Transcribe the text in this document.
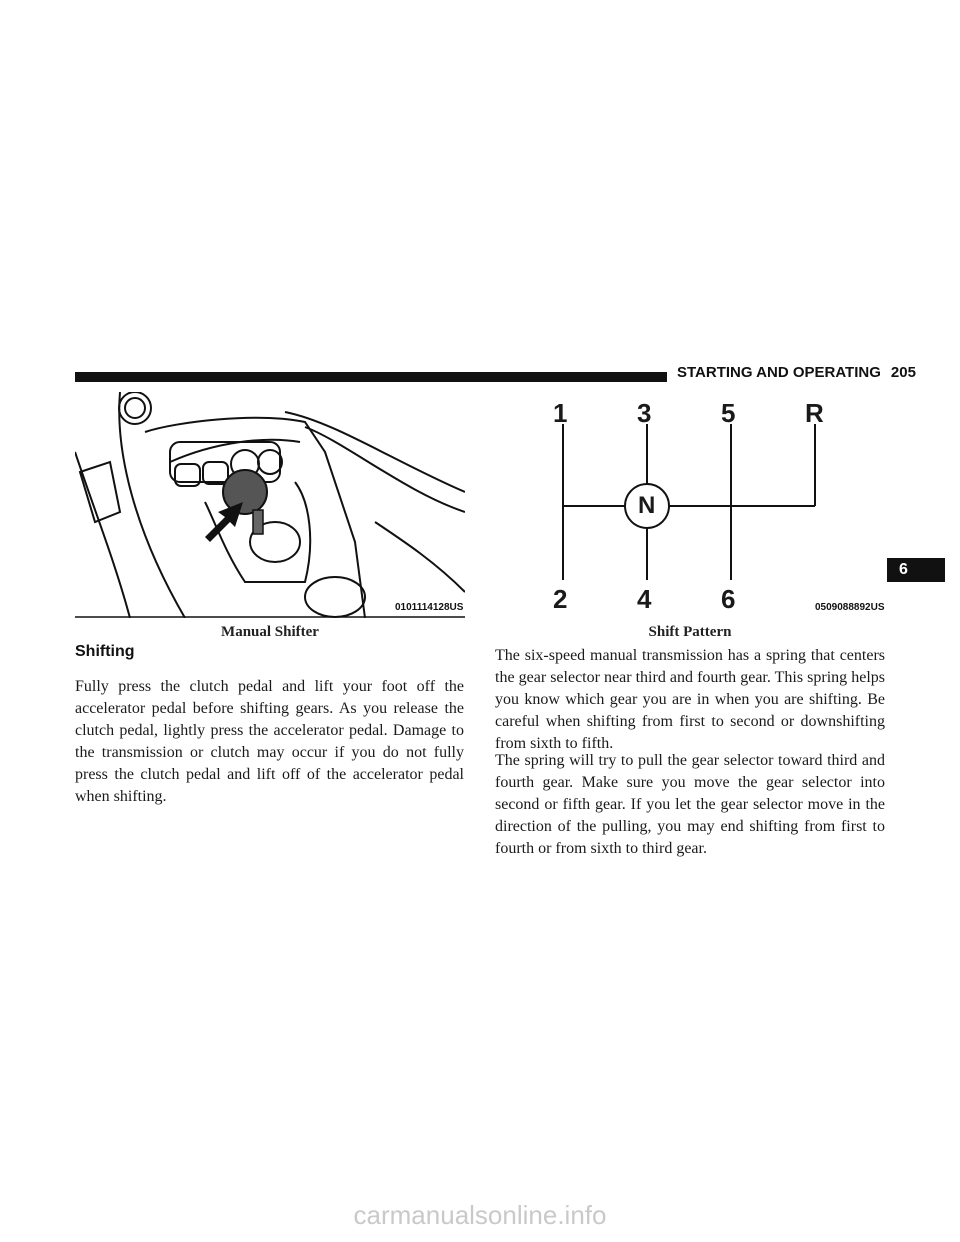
STARTING AND OPERATING 205
6
0101114128US
Manual Shifter
1	3	5	R
N
2	4	6	0509088892US
Shift Pattern
Shifting

Fully press the clutch pedal and lift your foot off the accelerator pedal before shifting gears. As you release the clutch pedal, lightly press the accelerator pedal. Damage to the transmission or clutch may occur if you do not fully press the clutch pedal and lift off of the accelerator pedal when shifting.

The six-speed manual transmission has a spring that centers the gear selector near third and fourth gear. This spring helps you know which gear you are in when you are shifting. Be careful when shifting from first to second or downshifting from sixth to fifth.

The spring will try to pull the gear selector toward third and fourth gear. Make sure you move the gear selector into second or fifth gear. If you let the gear selector move in the direction of the pulling, you may end shifting from first to fourth or from sixth to third gear.

carmanualsonline.info
